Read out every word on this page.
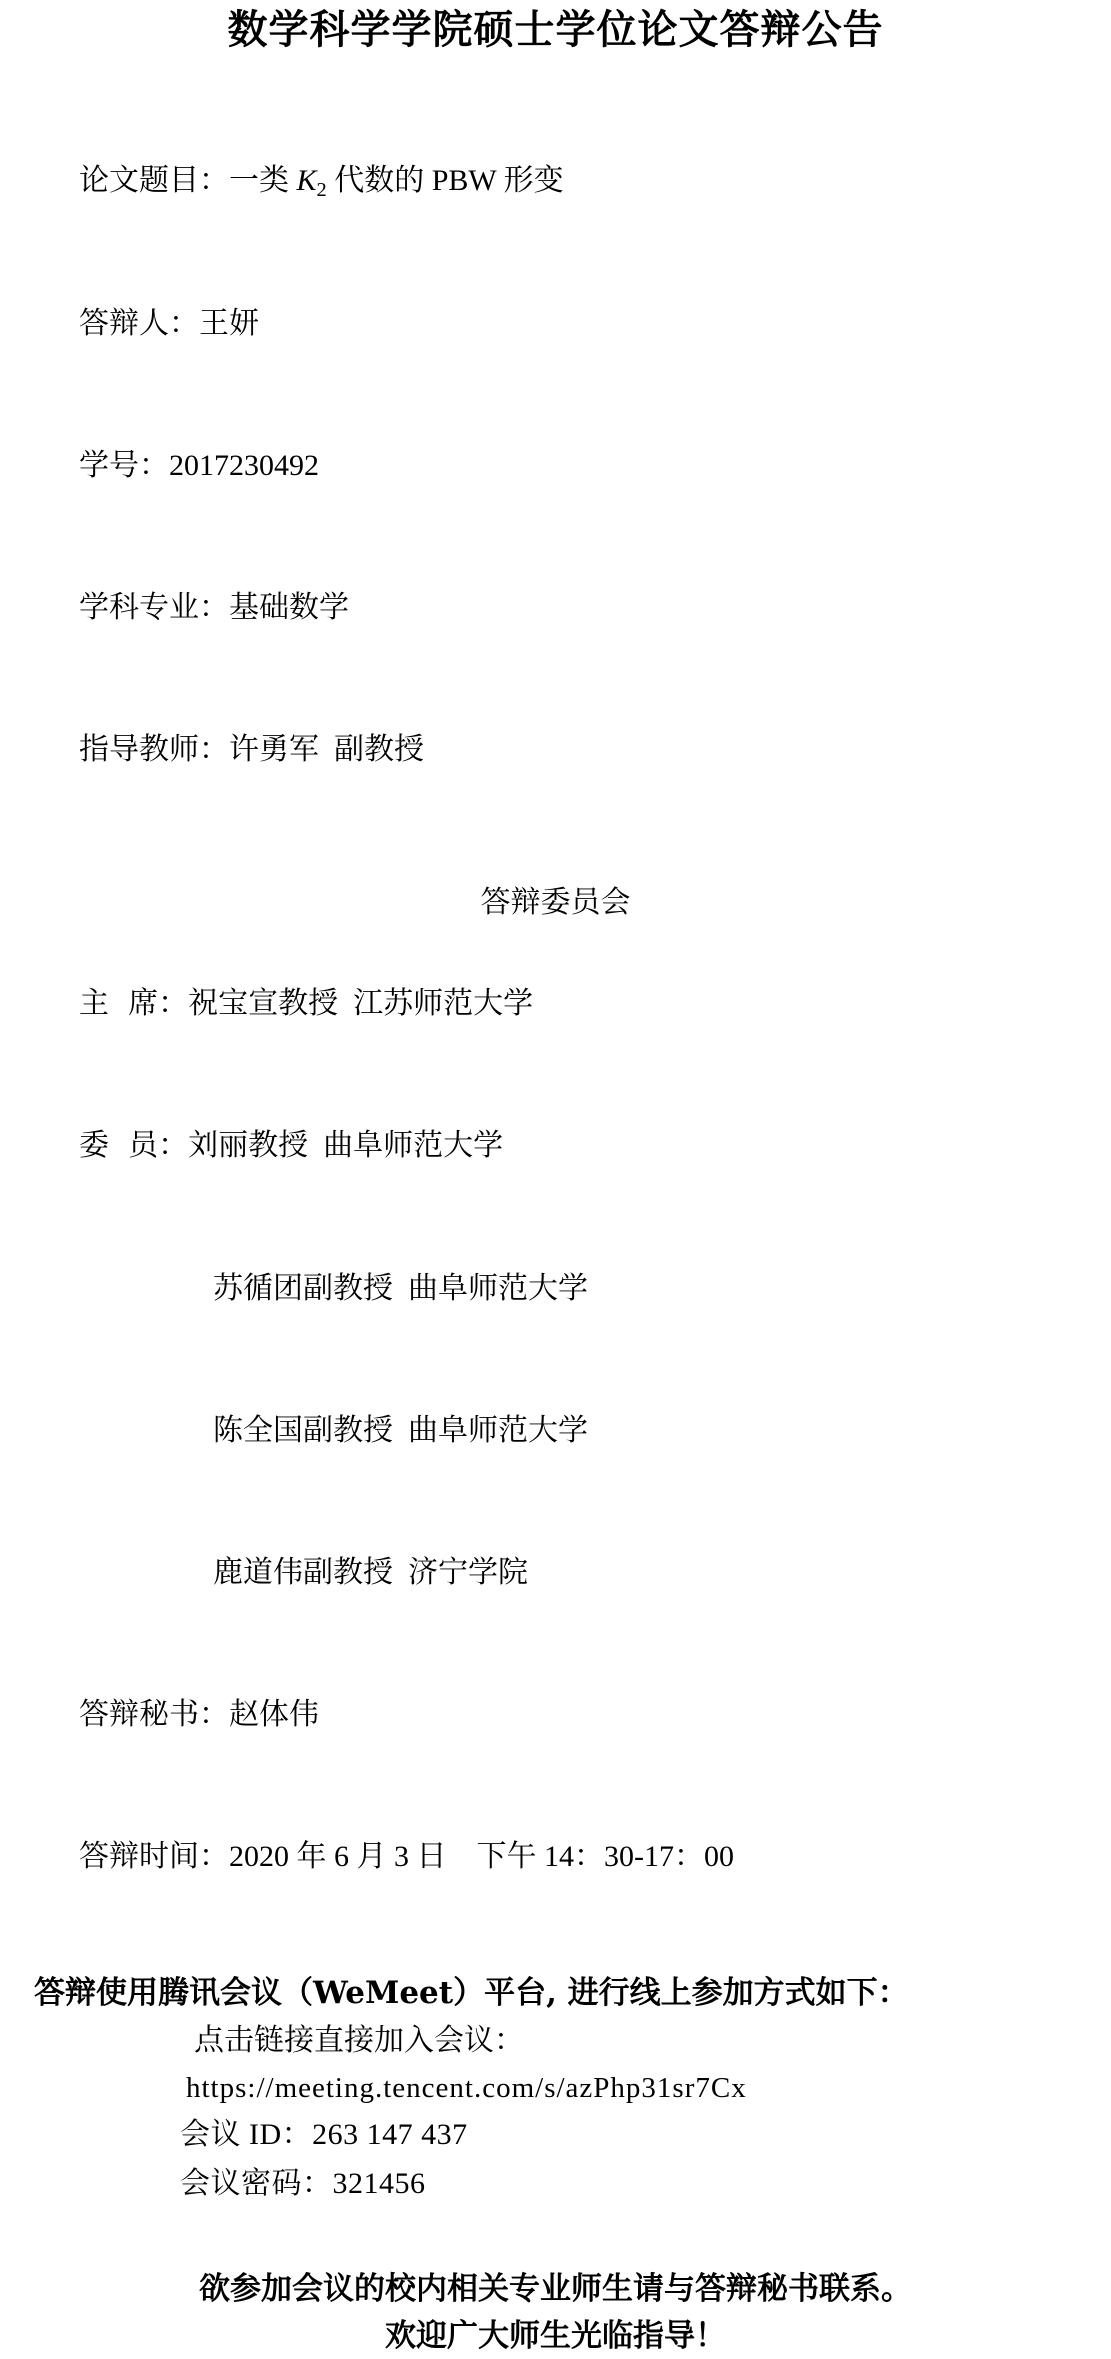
数学科学学院硕士学位论文答辩公告

论文题目：一类 $K_2$ 代数的 PBW 形变

答辩人：王妍

学号：2017230492

学科专业：基础数学

指导教师：许勇军  副教授

答辩委员会

主  席：祝宝宣教授  江苏师范大学

委  员：刘丽教授  曲阜师范大学

苏循团副教授  曲阜师范大学

陈全国副教授  曲阜师范大学

鹿道伟副教授  济宁学院

答辩秘书：赵体伟

答辩时间：2020 年 6 月 3 日    下午 14：30-17：00

答辩使用腾讯会议（WeMeet）平台, 进行线上参加方式如下：
点击链接直接加入会议：
https://meeting.tencent.com/s/azPhp31sr7Cx
会议 ID：263 147 437
会议密码：321456
欲参加会议的校内相关专业师生请与答辩秘书联系。
欢迎广大师生光临指导！
